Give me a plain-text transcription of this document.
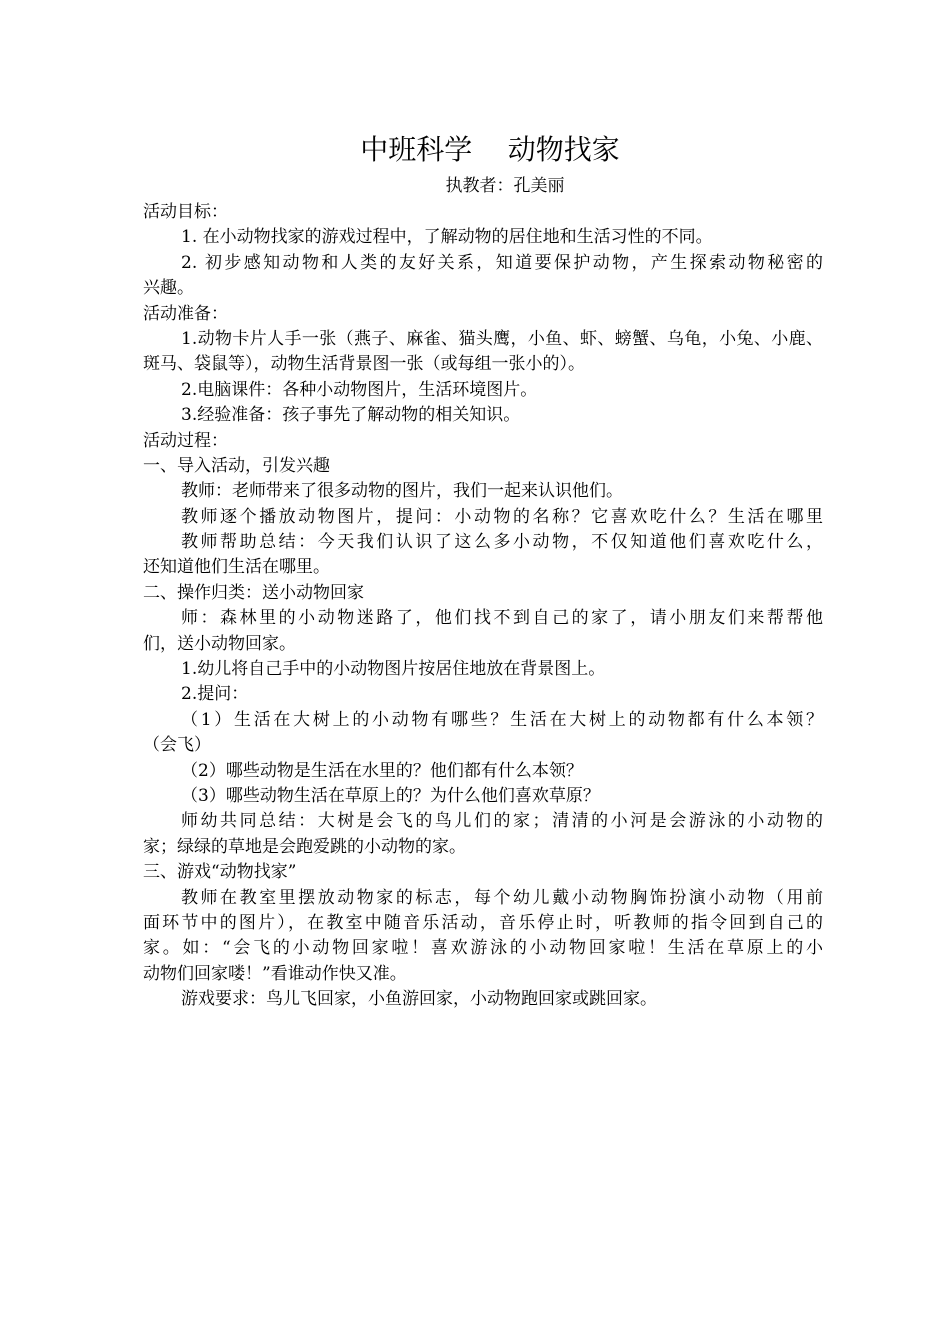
中班科学    动物找家
执教者：孔美丽
活动目标：
1. 在小动物找家的游戏过程中，了解动物的居住地和生活习性的不同。
2. 初步感知动物和人类的友好关系，知道要保护动物，产生探索动物秘密的
兴趣。
活动准备：
1.动物卡片人手一张（燕子、麻雀、猫头鹰，小鱼、虾、螃蟹、乌龟，小兔、小鹿、
斑马、袋鼠等），动物生活背景图一张（或每组一张小的）。
2.电脑课件：各种小动物图片，生活环境图片。
3.经验准备：孩子事先了解动物的相关知识。
活动过程：
一、导入活动，引发兴趣
教师：老师带来了很多动物的图片，我们一起来认识他们。
教师逐个播放动物图片，提问：小动物的名称？它喜欢吃什么？生活在哪里
教师帮助总结：今天我们认识了这么多小动物，不仅知道他们喜欢吃什么，
还知道他们生活在哪里。
二、操作归类：送小动物回家
师：森林里的小动物迷路了，他们找不到自己的家了，请小朋友们来帮帮他
们，送小动物回家。
1.幼儿将自己手中的小动物图片按居住地放在背景图上。
2.提问：
（1）生活在大树上的小动物有哪些？生活在大树上的动物都有什么本领？
（会飞）
（2）哪些动物是生活在水里的？他们都有什么本领？
（3）哪些动物生活在草原上的？为什么他们喜欢草原？
师幼共同总结：大树是会飞的鸟儿们的家；清清的小河是会游泳的小动物的
家；绿绿的草地是会跑爱跳的小动物的家。
三、游戏“动物找家”
教师在教室里摆放动物家的标志，每个幼儿戴小动物胸饰扮演小动物（用前
面环节中的图片），在教室中随音乐活动，音乐停止时，听教师的指令回到自己的
家。如：“会飞的小动物回家啦！喜欢游泳的小动物回家啦！生活在草原上的小
动物们回家喽！”看谁动作快又准。
游戏要求：鸟儿飞回家，小鱼游回家，小动物跑回家或跳回家。
